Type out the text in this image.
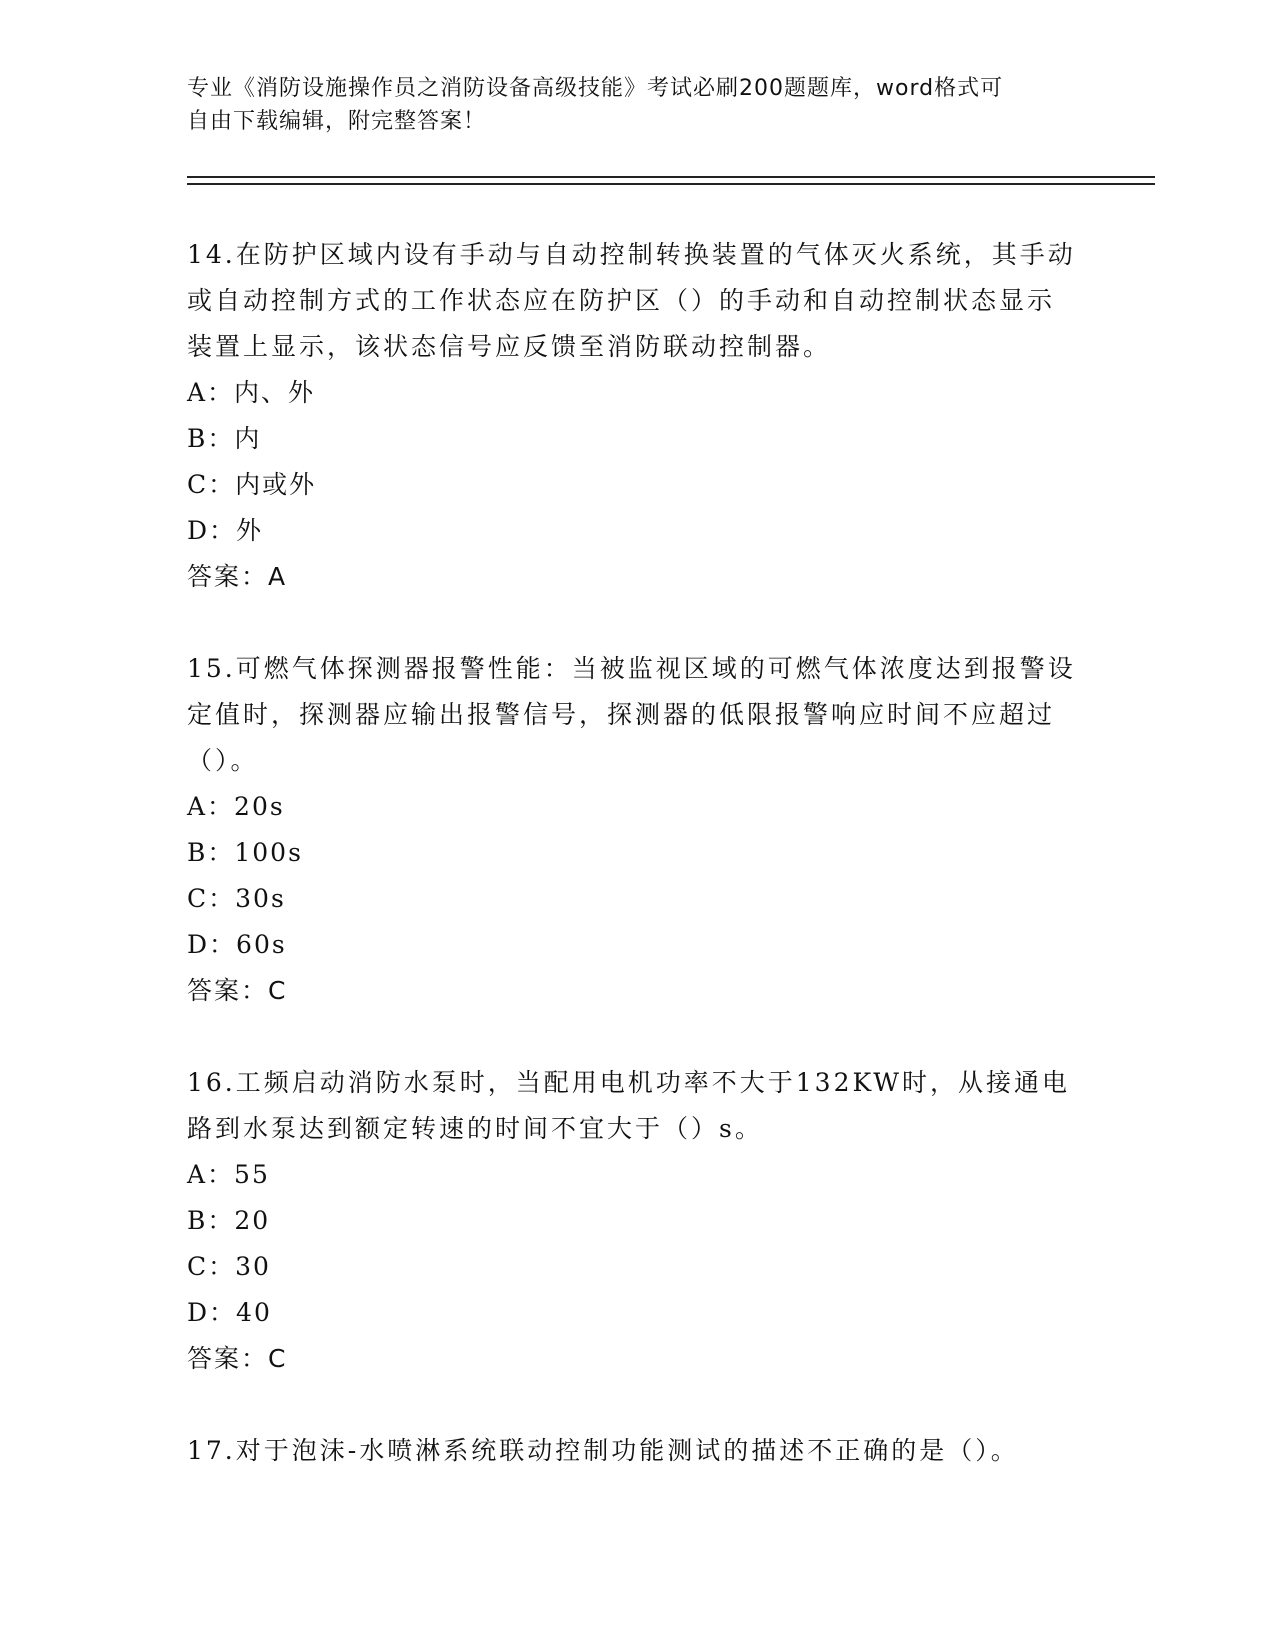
专业《消防设施操作员之消防设备高级技能》考试必刷200题题库，word格式可
自由下载编辑，附完整答案！
14.在防护区域内设有手动与自动控制转换装置的气体灭火系统，其手动或自动控制方式的工作状态应在防护区（）的手动和自动控制状态显示装置上显示，该状态信号应反馈至消防联动控制器。
A：内、外
B：内
C：内或外
D：外
答案：A
15.可燃气体探测器报警性能：当被监视区域的可燃气体浓度达到报警设定值时，探测器应输出报警信号，探测器的低限报警响应时间不应超过（）。
A：20s
B：100s
C：30s
D：60s
答案：C
16.工频启动消防水泵时，当配用电机功率不大于132KW时，从接通电路到水泵达到额定转速的时间不宜大于（）s。
A：55
B：20
C：30
D：40
答案：C
17.对于泡沫-水喷淋系统联动控制功能测试的描述不正确的是（）。
